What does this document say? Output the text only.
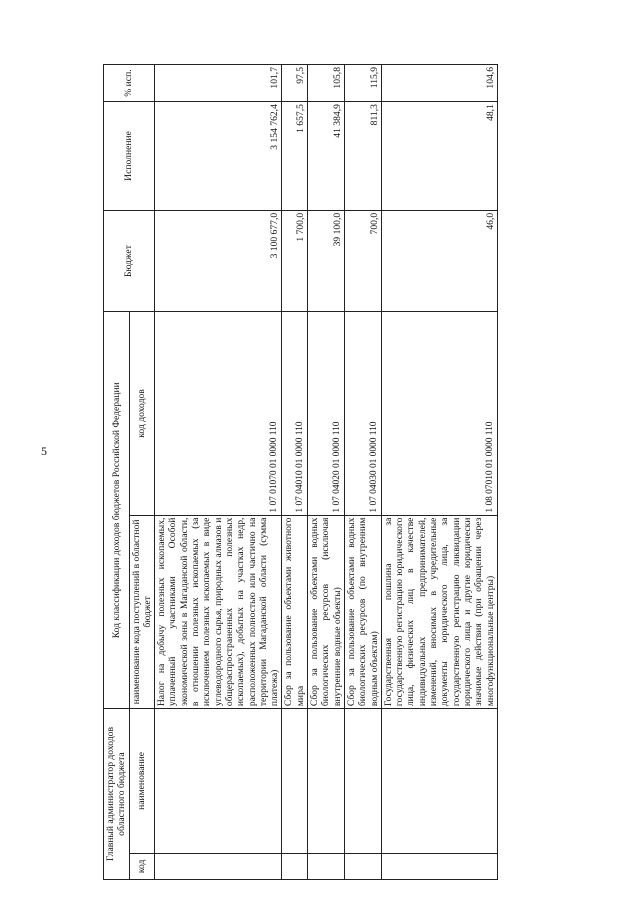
5
Главный администратор доходов областного бюджета		Код классификации доходов бюджетов Российской Федерации		Бюджет	Исполнение	% исп.
код	наименование	наименование кода поступлений в областной бюджет	код доходов			
		Налог на добычу полезных ископаемых, уплаченный участниками Особой экономической зоны в Магаданской области, в отношении полезных ископаемых (за исключением полезных ископаемых в виде углеводородного сырья, природных алмазов и общераспространенных полезных ископаемых), добытых на участках недр, расположенных полностью или частично на территории Магаданской области (сумма платежа)	1 07 01070 01 0000 110	3 100 677,0	3 154 762,4	101,7
		Сбор за пользование объектами животного мира	1 07 04010 01 0000 110	1 700,0	1 657,5	97,5
		Сбор за пользование объектами водных биологических ресурсов (исключая внутренние водные объекты)	1 07 04020 01 0000 110	39 100,0	41 384,9	105,8
		Сбор за пользование объектами водных биологических ресурсов (по внутренним водным объектам)	1 07 04030 01 0000 110	700,0	811,3	115,9
		Государственная пошлина за государственную регистрацию юридического лица, физических лиц в качестве индивидуальных предпринимателей, изменений, вносимых в учредительные документы юридического лица, за государственную регистрацию ликвидации юридического лица и другие юридически значимые действия (при обращении через многофункциональные центры)	1 08 07010 01 0000 110	46,0	48,1	104,6
